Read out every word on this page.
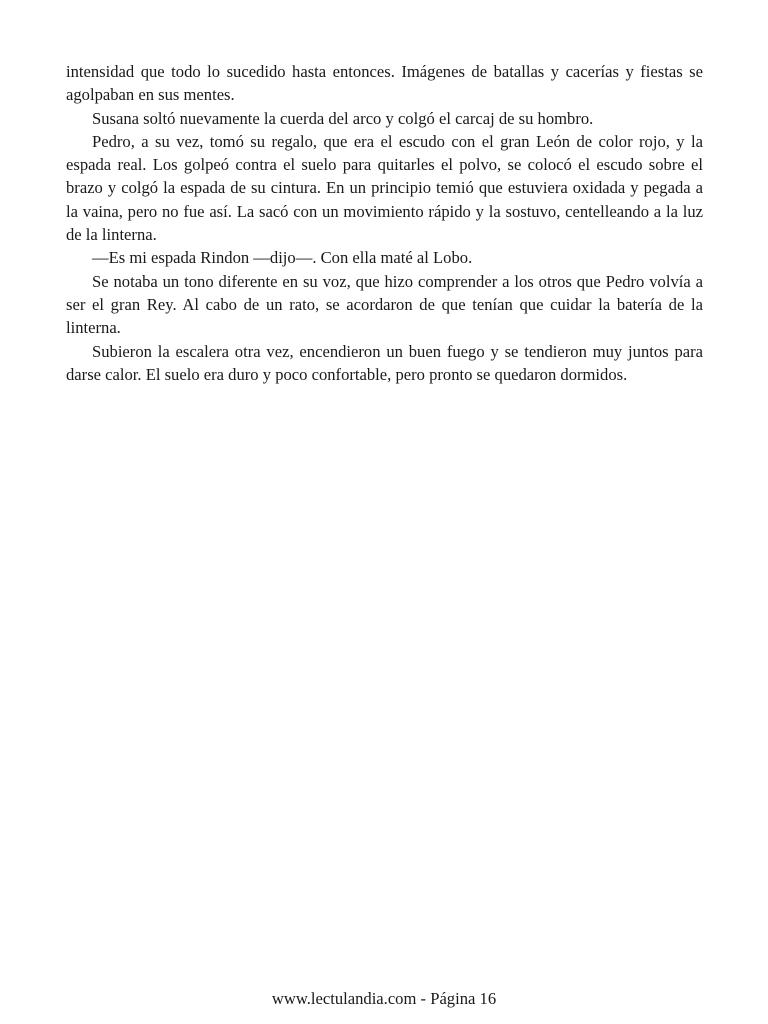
intensidad que todo lo sucedido hasta entonces. Imágenes de batallas y cacerías y fiestas se agolpaban en sus mentes.

Susana soltó nuevamente la cuerda del arco y colgó el carcaj de su hombro.

Pedro, a su vez, tomó su regalo, que era el escudo con el gran León de color rojo, y la espada real. Los golpeó contra el suelo para quitarles el polvo, se colocó el escudo sobre el brazo y colgó la espada de su cintura. En un principio temió que estuviera oxidada y pegada a la vaina, pero no fue así. La sacó con un movimiento rápido y la sostuvo, centelleando a la luz de la linterna.

—Es mi espada Rindon —dijo—. Con ella maté al Lobo.

Se notaba un tono diferente en su voz, que hizo comprender a los otros que Pedro volvía a ser el gran Rey. Al cabo de un rato, se acordaron de que tenían que cuidar la batería de la linterna.

Subieron la escalera otra vez, encendieron un buen fuego y se tendieron muy juntos para darse calor. El suelo era duro y poco confortable, pero pronto se quedaron dormidos.

www.lectulandia.com - Página 16
